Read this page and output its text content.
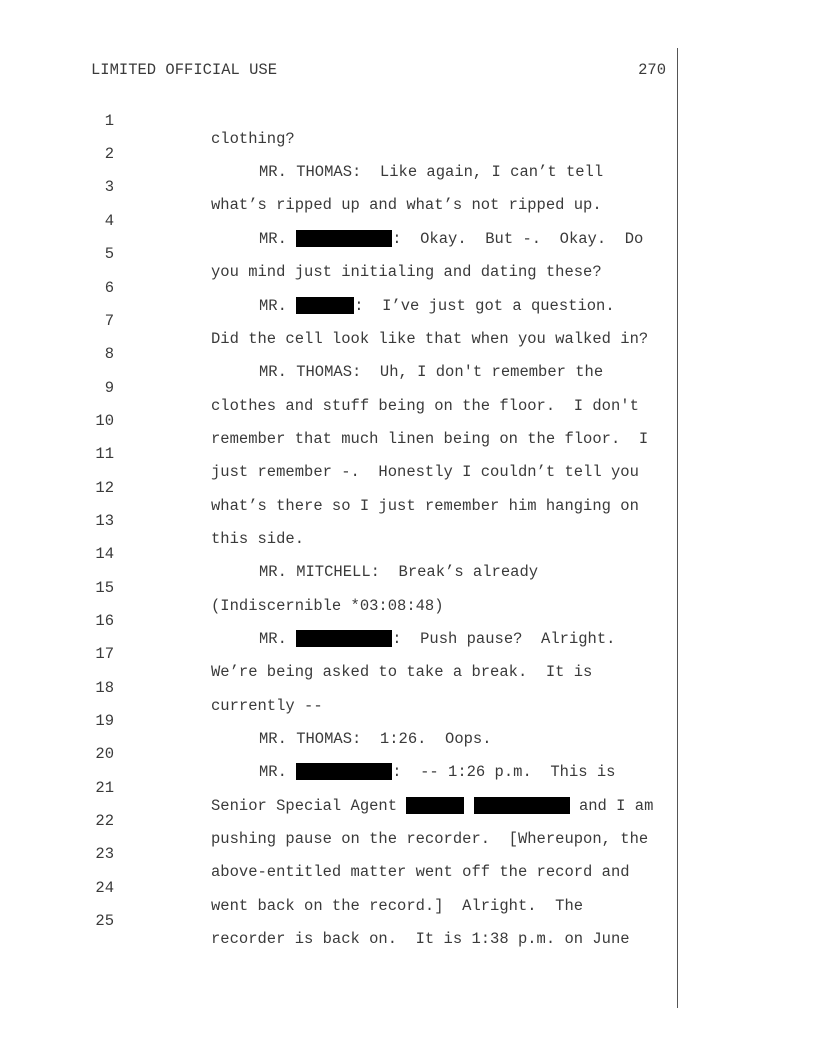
LIMITED OFFICIAL USE	270

1

clothing?

2

MR. THOMAS:  Like again, I can’t tell

3

what’s ripped up and what’s not ripped up.

4

MR.	:  Okay.  But -.  Okay.  Do

5

you mind just initialing and dating these?

6

MR.	:  I’ve just got a question.

7

Did the cell look like that when you walked in?

8

MR. THOMAS:  Uh, I don't remember the

9

clothes and stuff being on the floor.  I don't

10

remember that much linen being on the floor.  I

11

just remember -.  Honestly I couldn’t tell you

12

what’s there so I just remember him hanging on

13

this side.

14

MR. MITCHELL:  Break’s already

15

(Indiscernible *03:08:48)

16

MR.	:  Push pause?  Alright.

17

We’re being asked to take a break.  It is

18

currently --

19

MR. THOMAS:  1:26.  Oops.

20

MR.	:  -- 1:26 p.m.  This is

21

Senior Special Agent	and I am

22

pushing pause on the recorder.  [Whereupon, the

23

above-entitled matter went off the record and

24

went back on the record.]  Alright.  The

25

recorder is back on.  It is 1:38 p.m. on June
